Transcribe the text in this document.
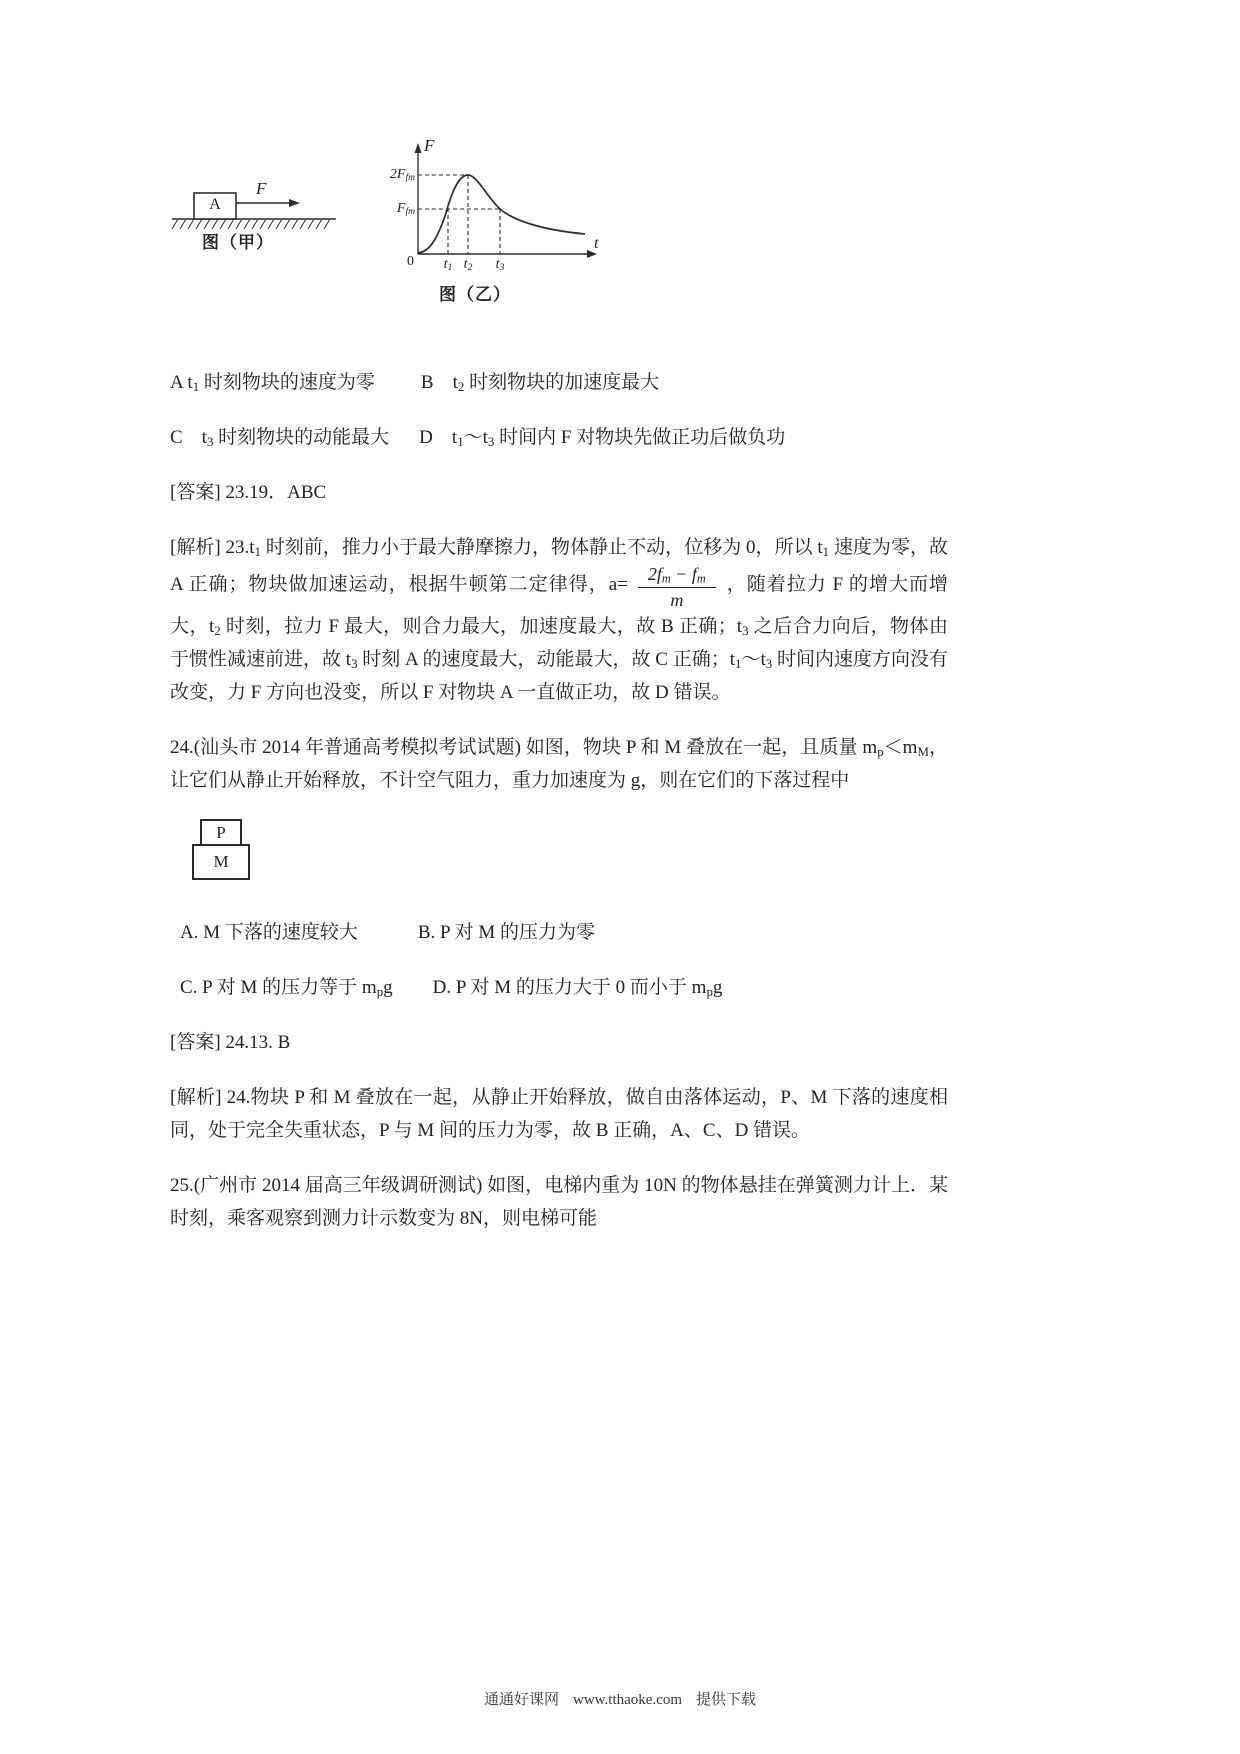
A
F
图（甲）
F
$2F_{fm}$
$F_{fm}$
0
t
$t_1$ $t_2$ $t_3$
图（乙）

A $t_1$ 时刻物块的速度为零 B　$t_2$ 时刻物块的加速度最大

C　$t_3$ 时刻物块的动能最大 D　$t_1\sim t_3$ 时间内 F 对物块先做正功后做负功

[答案] 23.19．ABC

[解析] $23.t_1$ 时刻前，推力小于最大静摩擦力，物体静止不动，位移为 0，所以 $t_1$ 速度为零，故 A 正确；物块做加速运动，根据牛顿第二定律得，$a= \frac{2f_m - f_m}{m}$ ，随着拉力 F 的增大而增大，$t_2$ 时刻，拉力 F 最大，则合力最大，加速度最大，故 B 正确；$t_3$ 之后合力向后，物体由于惯性减速前进，故 $t_3$ 时刻 A 的速度最大，动能最大，故 C 正确；$t_1\sim t_3$ 时间内速度方向没有改变，力 F 方向也没变，所以 F 对物块 A 一直做正功，故 D 错误。

24.(汕头市 2014 年普通高考模拟考试试题) 如图，物块 P 和 M 叠放在一起，且质量 $m_p<m_M$，让它们从静止开始释放，不计空气阻力，重力加速度为 g，则在它们的下落过程中

P
M

A. M 下落的速度较大	B. P 对 M 的压力为零

C. P 对 M 的压力等于 $m_pg$ D. P 对 M 的压力大于 0 而小于 $m_pg$

[答案] 24.13. B

[解析] 24.物块 P 和 M 叠放在一起，从静止开始释放，做自由落体运动，P、M 下落的速度相同，处于完全失重状态，P 与 M 间的压力为零，故 B 正确，A、C、D 错误。

25.(广州市 2014 届高三年级调研测试) 如图，电梯内重为 10N 的物体悬挂在弹簧测力计上．某时刻，乘客观察到测力计示数变为 8N，则电梯可能

通通好课网 www.tthaoke.com 提供下载
